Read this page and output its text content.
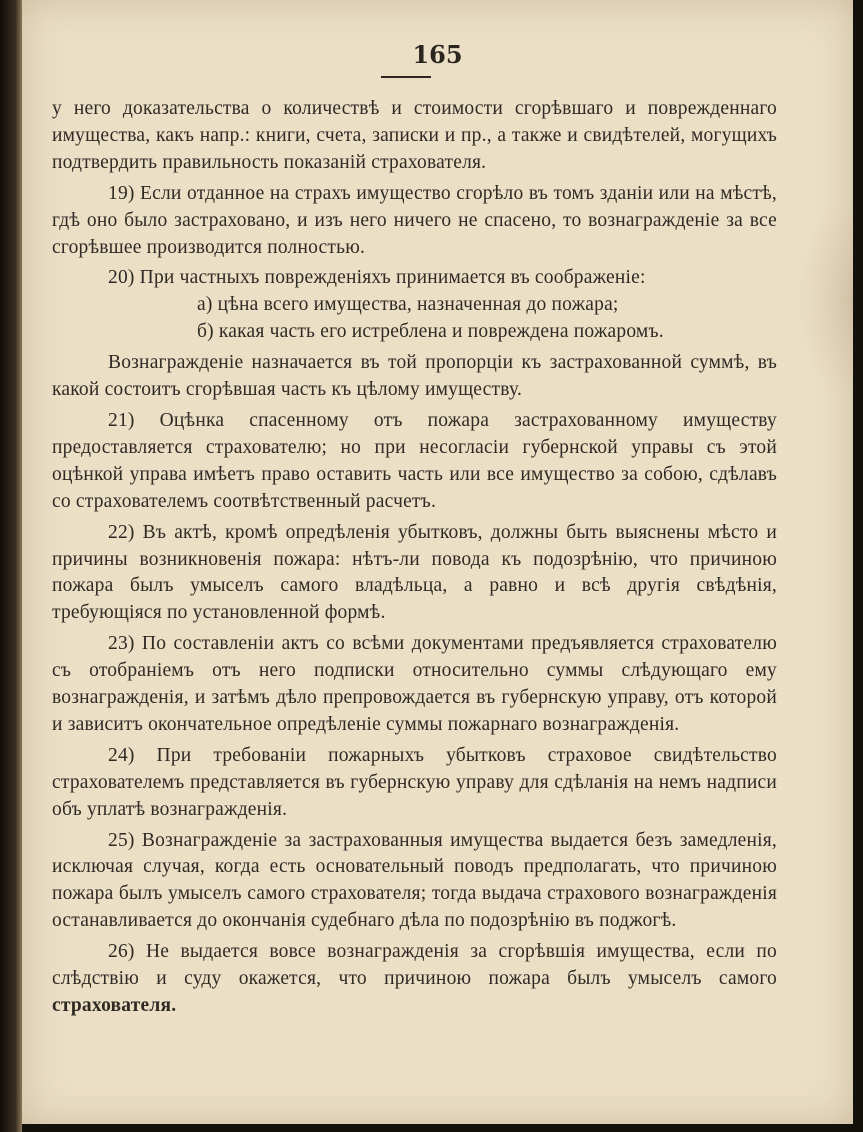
165

у него доказательства о количествѣ и стоимости сгорѣвшаго и поврежденнаго имущества, какъ напр.: книги, счета, записки и пр., а также и свидѣтелей, могущихъ подтвердить правильность показаній страхователя.

19) Если отданное на страхъ имущество сгорѣло въ томъ зданіи или на мѣстѣ, гдѣ оно было застраховано, и изъ него ничего не спасено, то вознагражденіе за все сгорѣвшее производится полностью.

20) При частныхъ поврежденіяхъ принимается въ соображеніе:

а) цѣна всего имущества, назначенная до пожара;

б) какая часть его истреблена и повреждена пожаромъ.

Вознагражденіе назначается въ той пропорціи къ застрахованной суммѣ, въ какой состоитъ сгорѣвшая часть къ цѣлому имуществу.

21) Оцѣнка спасенному отъ пожара застрахованному имуществу предоставляется страхователю; но при несогласіи губернской управы съ этой оцѣнкой управа имѣетъ право оставить часть или все имущество за собою, сдѣлавъ со страхователемъ соотвѣтственный расчетъ.

22) Въ актѣ, кромѣ опредѣленія убытковъ, должны быть выяснены мѣсто и причины возникновенія пожара: нѣтъ-ли повода къ подозрѣнію, что причиною пожара былъ умыселъ самого владѣльца, а равно и всѣ другія свѣдѣнія, требующіяся по установленной формѣ.

23) По составленіи актъ со всѣми документами предъявляется страхователю съ отобраніемъ отъ него подписки относительно суммы слѣдующаго ему вознагражденія, и затѣмъ дѣло препровождается въ губернскую управу, отъ которой и зависитъ окончательное опредѣленіе суммы пожарнаго вознагражденія.

24) При требованіи пожарныхъ убытковъ страховое свидѣтельство страхователемъ представляется въ губернскую управу для сдѣланія на немъ надписи объ уплатѣ вознагражденія.

25) Вознагражденіе за застрахованныя имущества выдается безъ замедленія, исключая случая, когда есть основательный поводъ предполагать, что причиною пожара былъ умыселъ самого страхователя; тогда выдача страхового вознагражденія останавливается до окончанія судебнаго дѣла по подозрѣнію въ поджогѣ.

26) Не выдается вовсе вознагражденія за сгорѣвшія имущества, если по слѣдствію и суду окажется, что причиною пожара былъ умыселъ самого страхователя.
